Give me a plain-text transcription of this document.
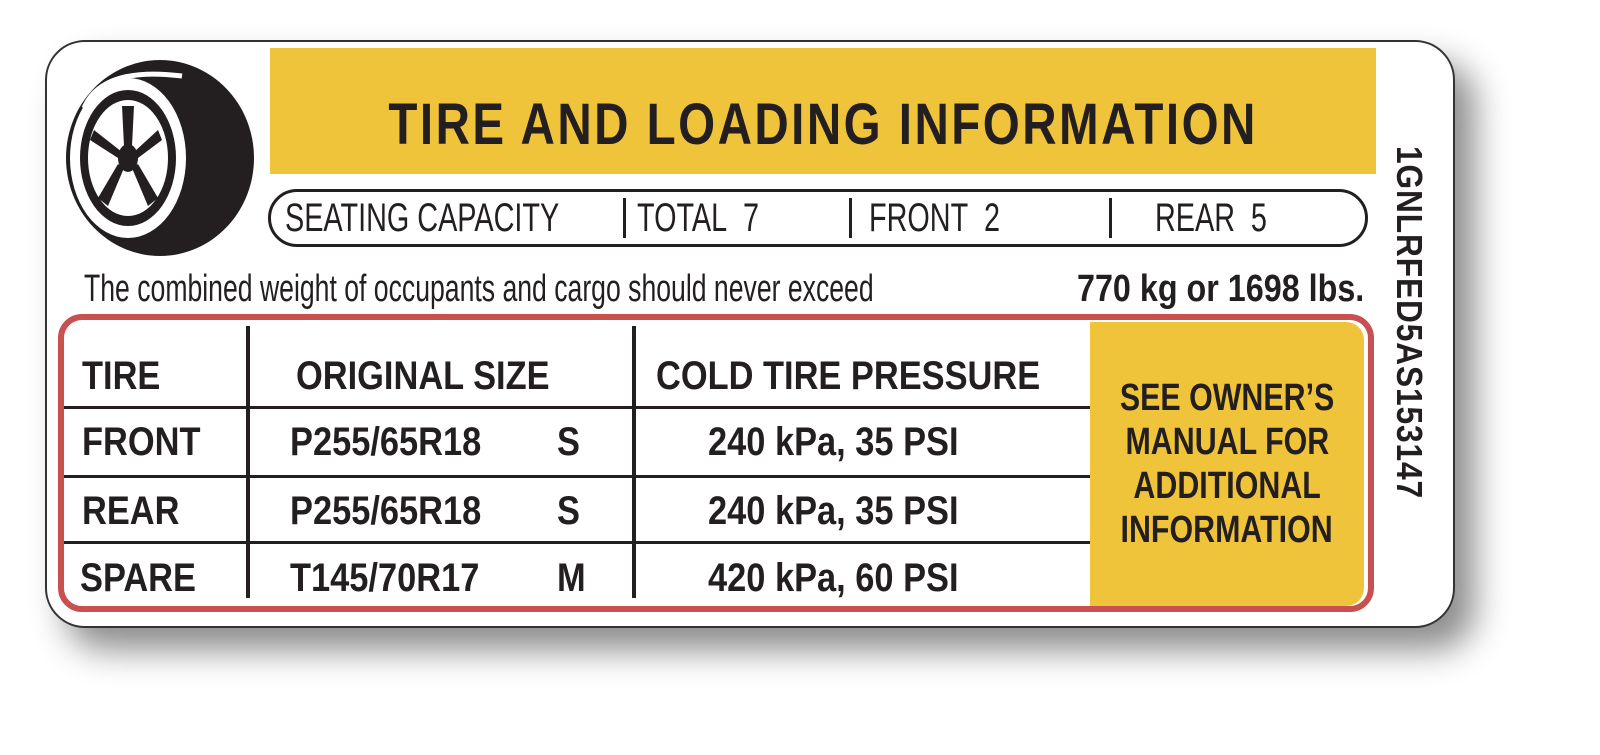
TIRE AND LOADING INFORMATION
SEATING CAPACITY TOTAL 7	FRONT 2	REAR 5
The combined weight of occupants and cargo should never exceed	770 kg or 1698 lbs.
SEE OWNER’S
MANUAL FOR
ADDITIONAL
INFORMATION
TIRE	ORIGINAL SIZE	COLD TIRE PRESSURE
FRONT P255/65R18 S	240 kPa, 35 PSI
REAR	P255/65R18 S	240 kPa, 35 PSI
SPARE T145/70R17 M	420 kPa, 60 PSI
1GNLRFED5AS153147
